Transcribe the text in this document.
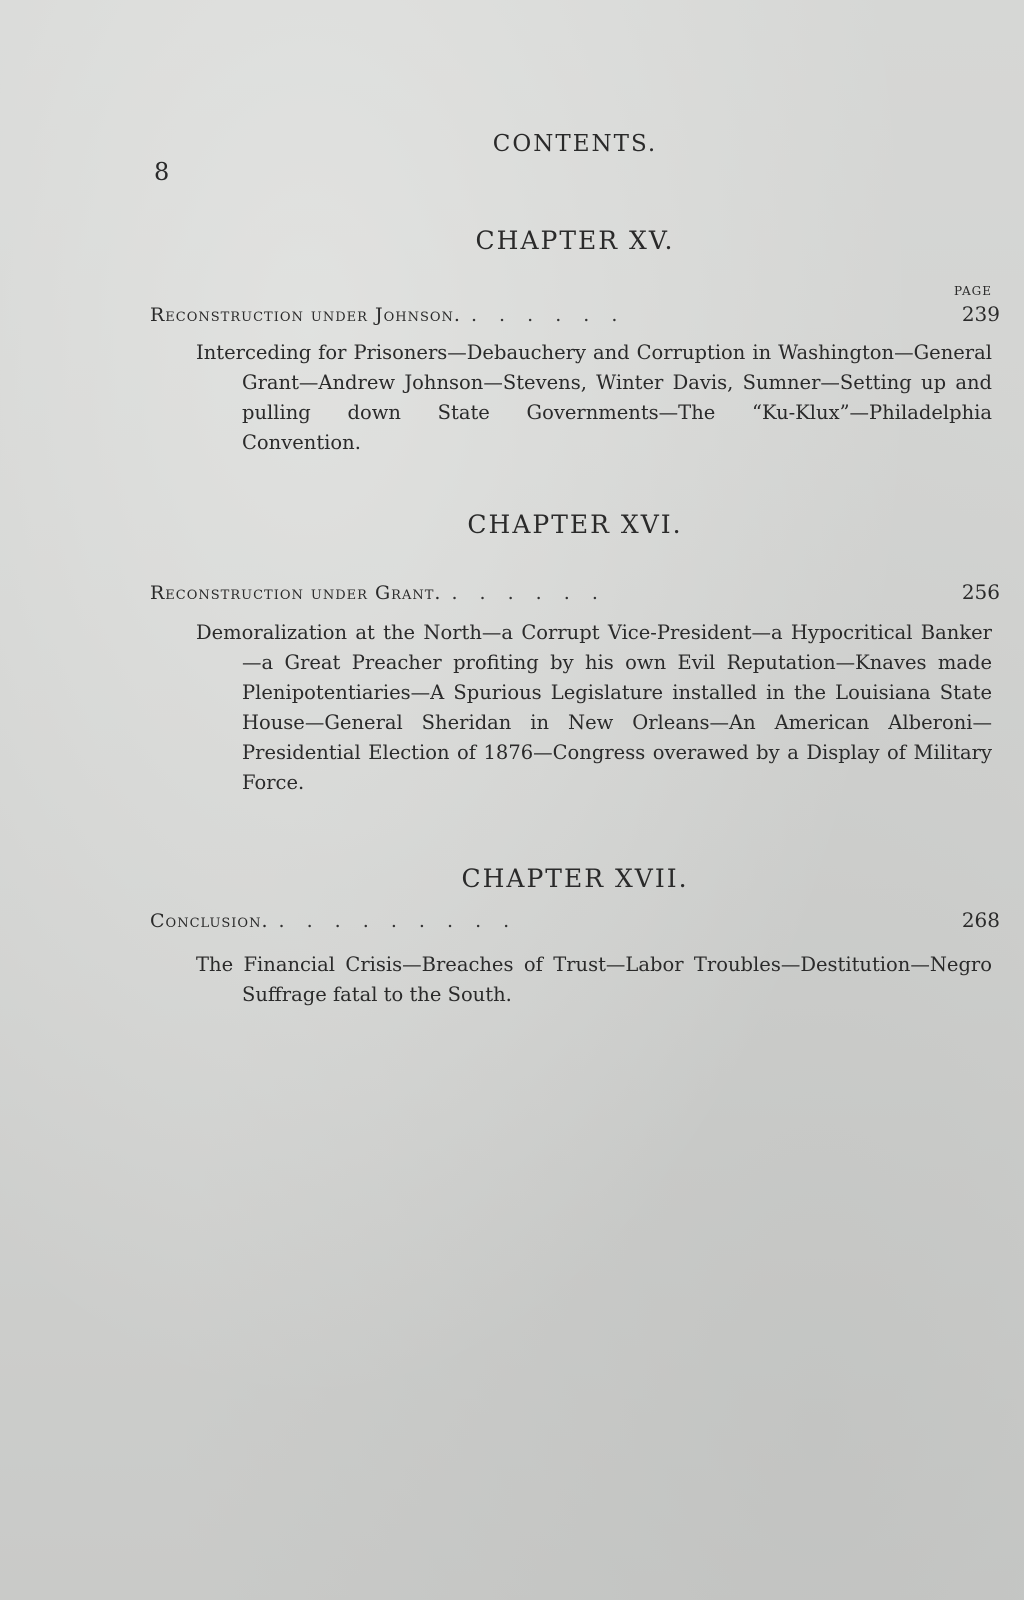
8
CONTENTS.
CHAPTER XV.
PAGE
Reconstruction under Johnson. . . . . . .	239
Interceding for Prisoners—Debauchery and Corruption in Washington—General Grant—Andrew Johnson—Stevens, Winter Davis, Sumner—Setting up and pulling down State Governments—The “Ku-Klux”—Philadelphia Convention.
CHAPTER XVI.
Reconstruction under Grant. . . . . . .	256
Demoralization at the North—a Corrupt Vice-President—a Hypocritical Banker—a Great Preacher profiting by his own Evil Reputation—Knaves made Plenipotentiaries—A Spurious Legislature installed in the Louisiana State House—General Sheridan in New Orleans—An American Alberoni—Presidential Election of 1876—Congress overawed by a Display of Military Force.
CHAPTER XVII.
Conclusion. . . . . . . . . .	268
The Financial Crisis—Breaches of Trust—Labor Troubles—Destitution—Negro Suffrage fatal to the South.
